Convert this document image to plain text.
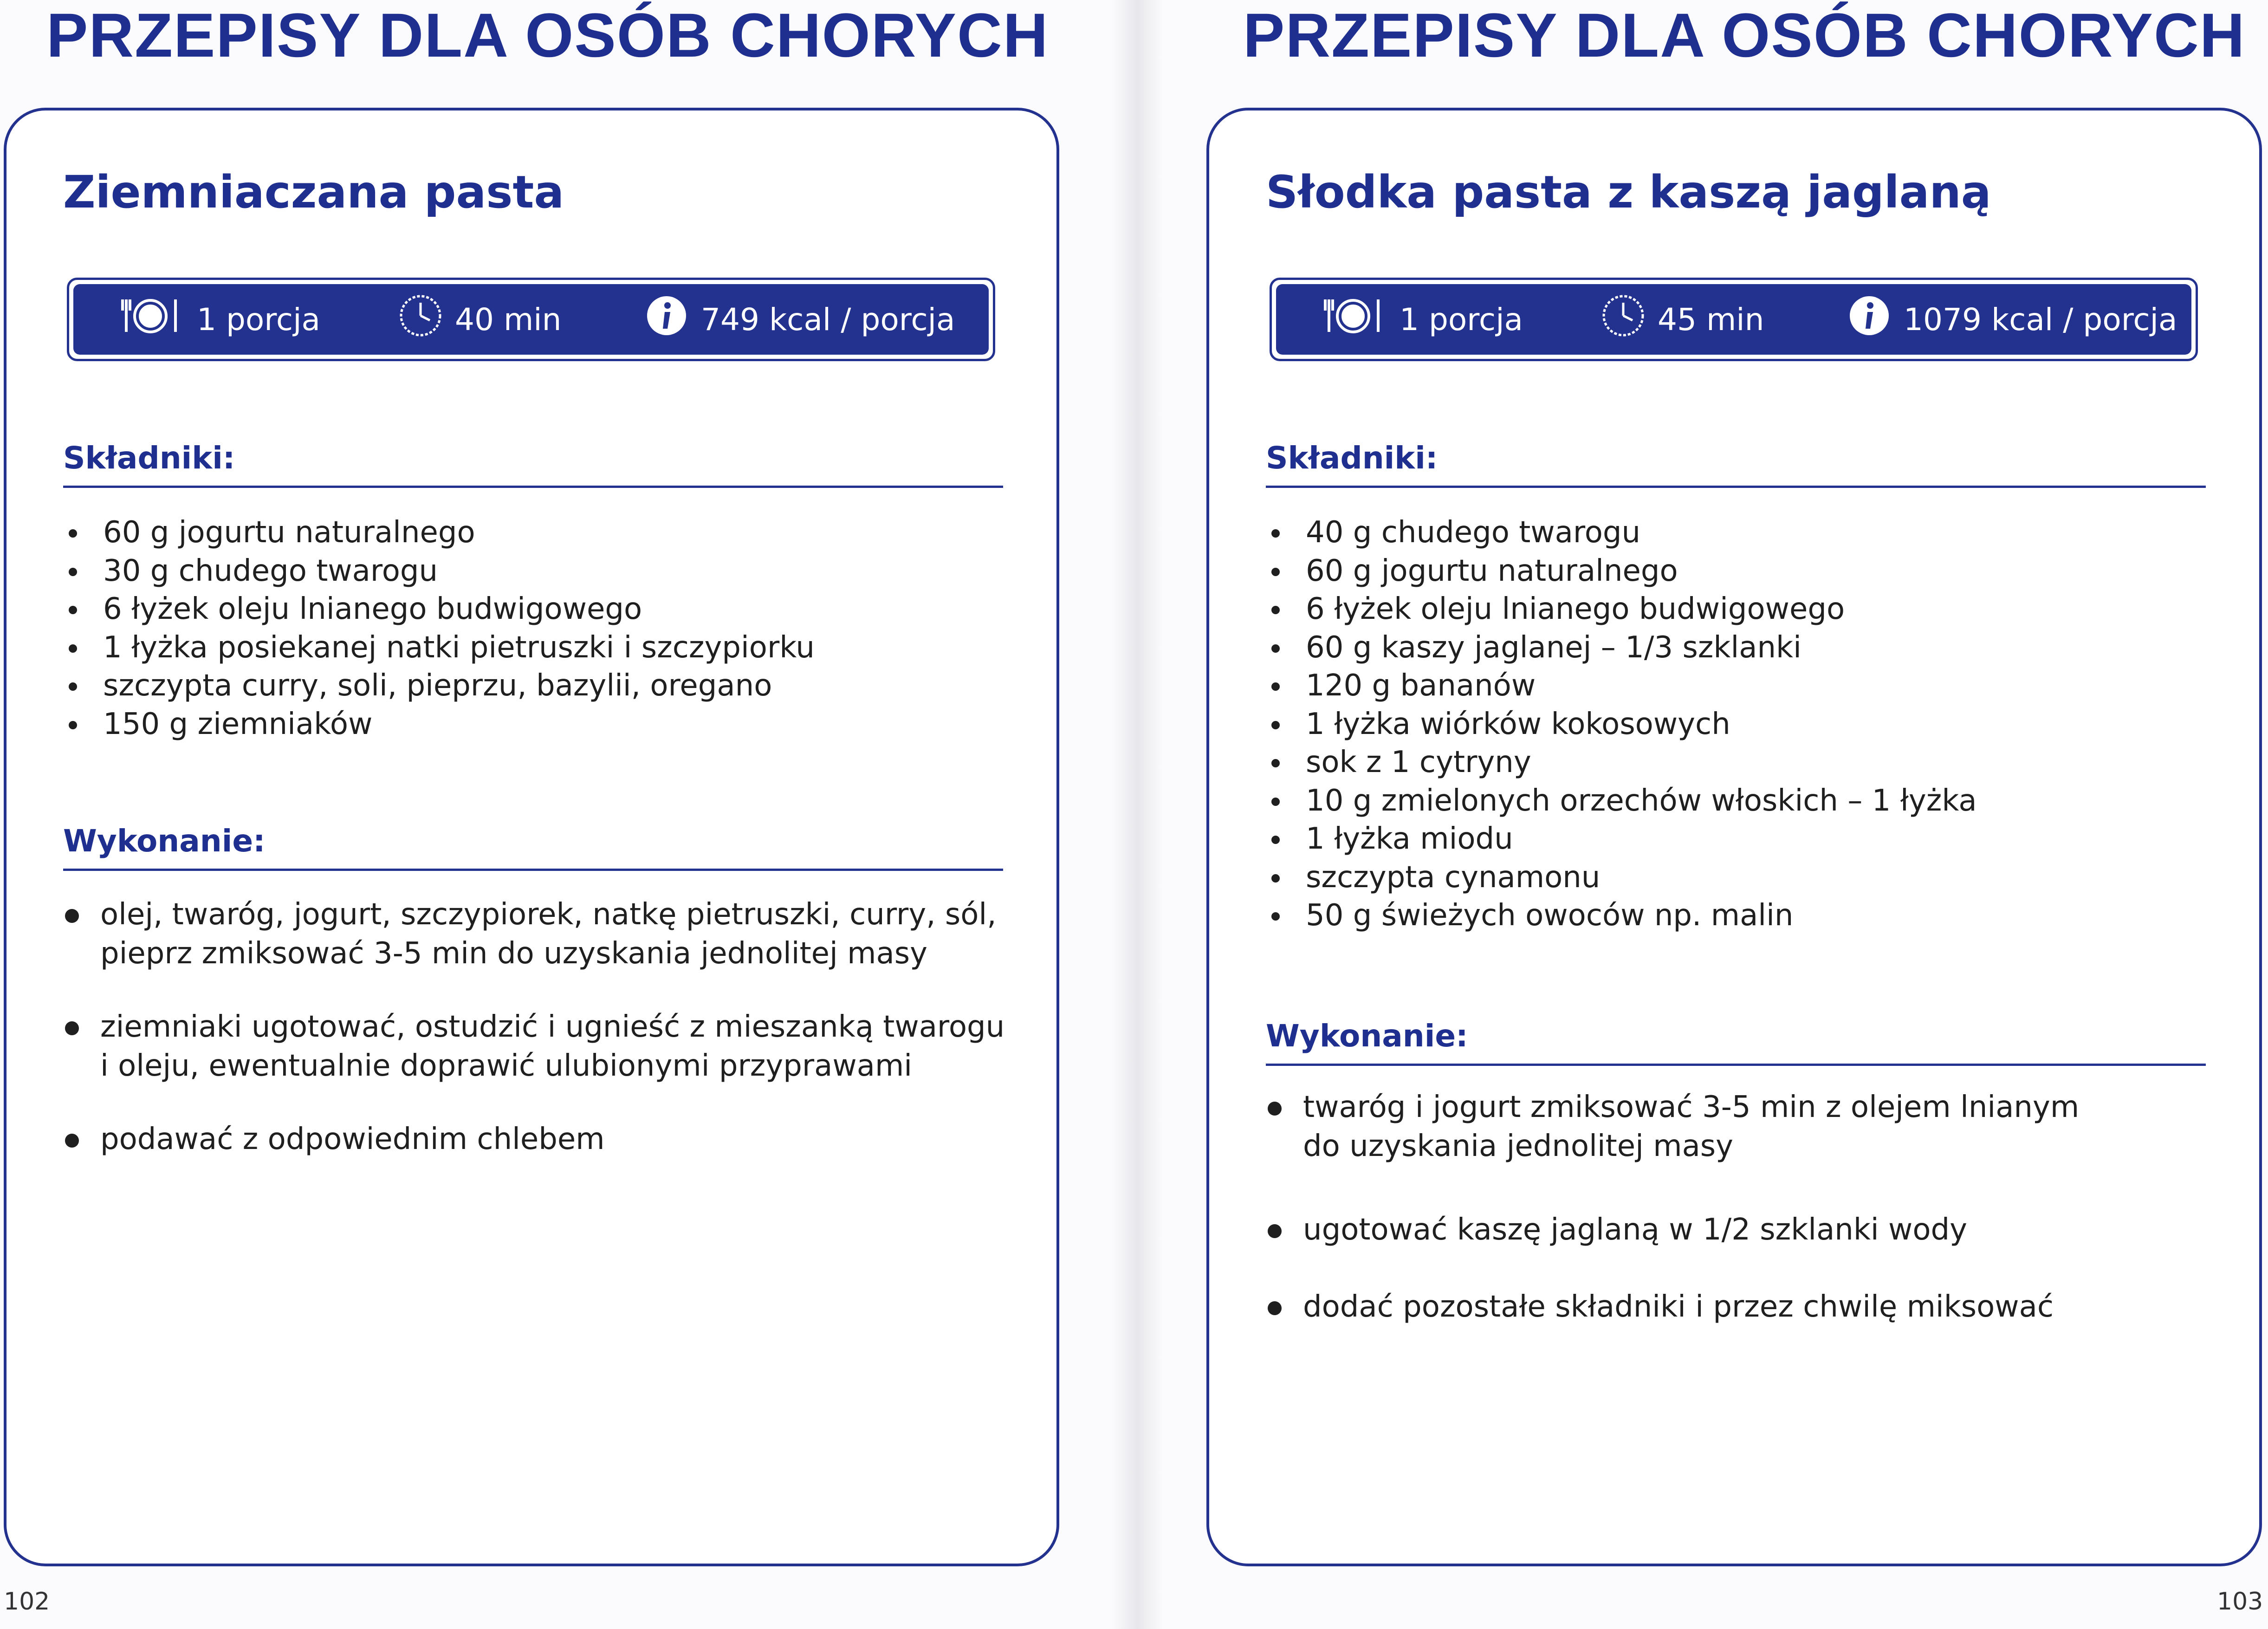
PRZEPISY DLA OSÓB CHORYCH
Ziemniaczana pasta
1 porcja	40 min	749 kcal / porcja
Składniki:
60 g jogurtu naturalnego
30 g chudego twarogu
6 łyżek oleju lnianego budwigowego
1 łyżka posiekanej natki pietruszki i szczypiorku
szczypta curry, soli, pieprzu, bazylii, oregano
150 g ziemniaków
Wykonanie:
olej, twaróg, jogurt, szczypiorek, natkę pietruszki, curry, sól,
pieprz zmiksować 3-5 min do uzyskania jednolitej masy
ziemniaki ugotować, ostudzić i ugnieść z mieszanką twarogu
i oleju, ewentualnie doprawić ulubionymi przyprawami
podawać z odpowiednim chlebem
102
PRZEPISY DLA OSÓB CHORYCH
Słodka pasta z kaszą jaglaną
1 porcja	45 min	1079 kcal / porcja
Składniki:
40 g chudego twarogu
60 g jogurtu naturalnego
6 łyżek oleju lnianego budwigowego
60 g kaszy jaglanej – 1/3 szklanki
120 g bananów
1 łyżka wiórków kokosowych
sok z 1 cytryny
10 g zmielonych orzechów włoskich – 1 łyżka
1 łyżka miodu
szczypta cynamonu
50 g świeżych owoców np. malin
Wykonanie:
twaróg i jogurt zmiksować 3-5 min z olejem lnianym
do uzyskania jednolitej masy
ugotować kaszę jaglaną w 1/2 szklanki wody
dodać pozostałe składniki i przez chwilę miksować
103
